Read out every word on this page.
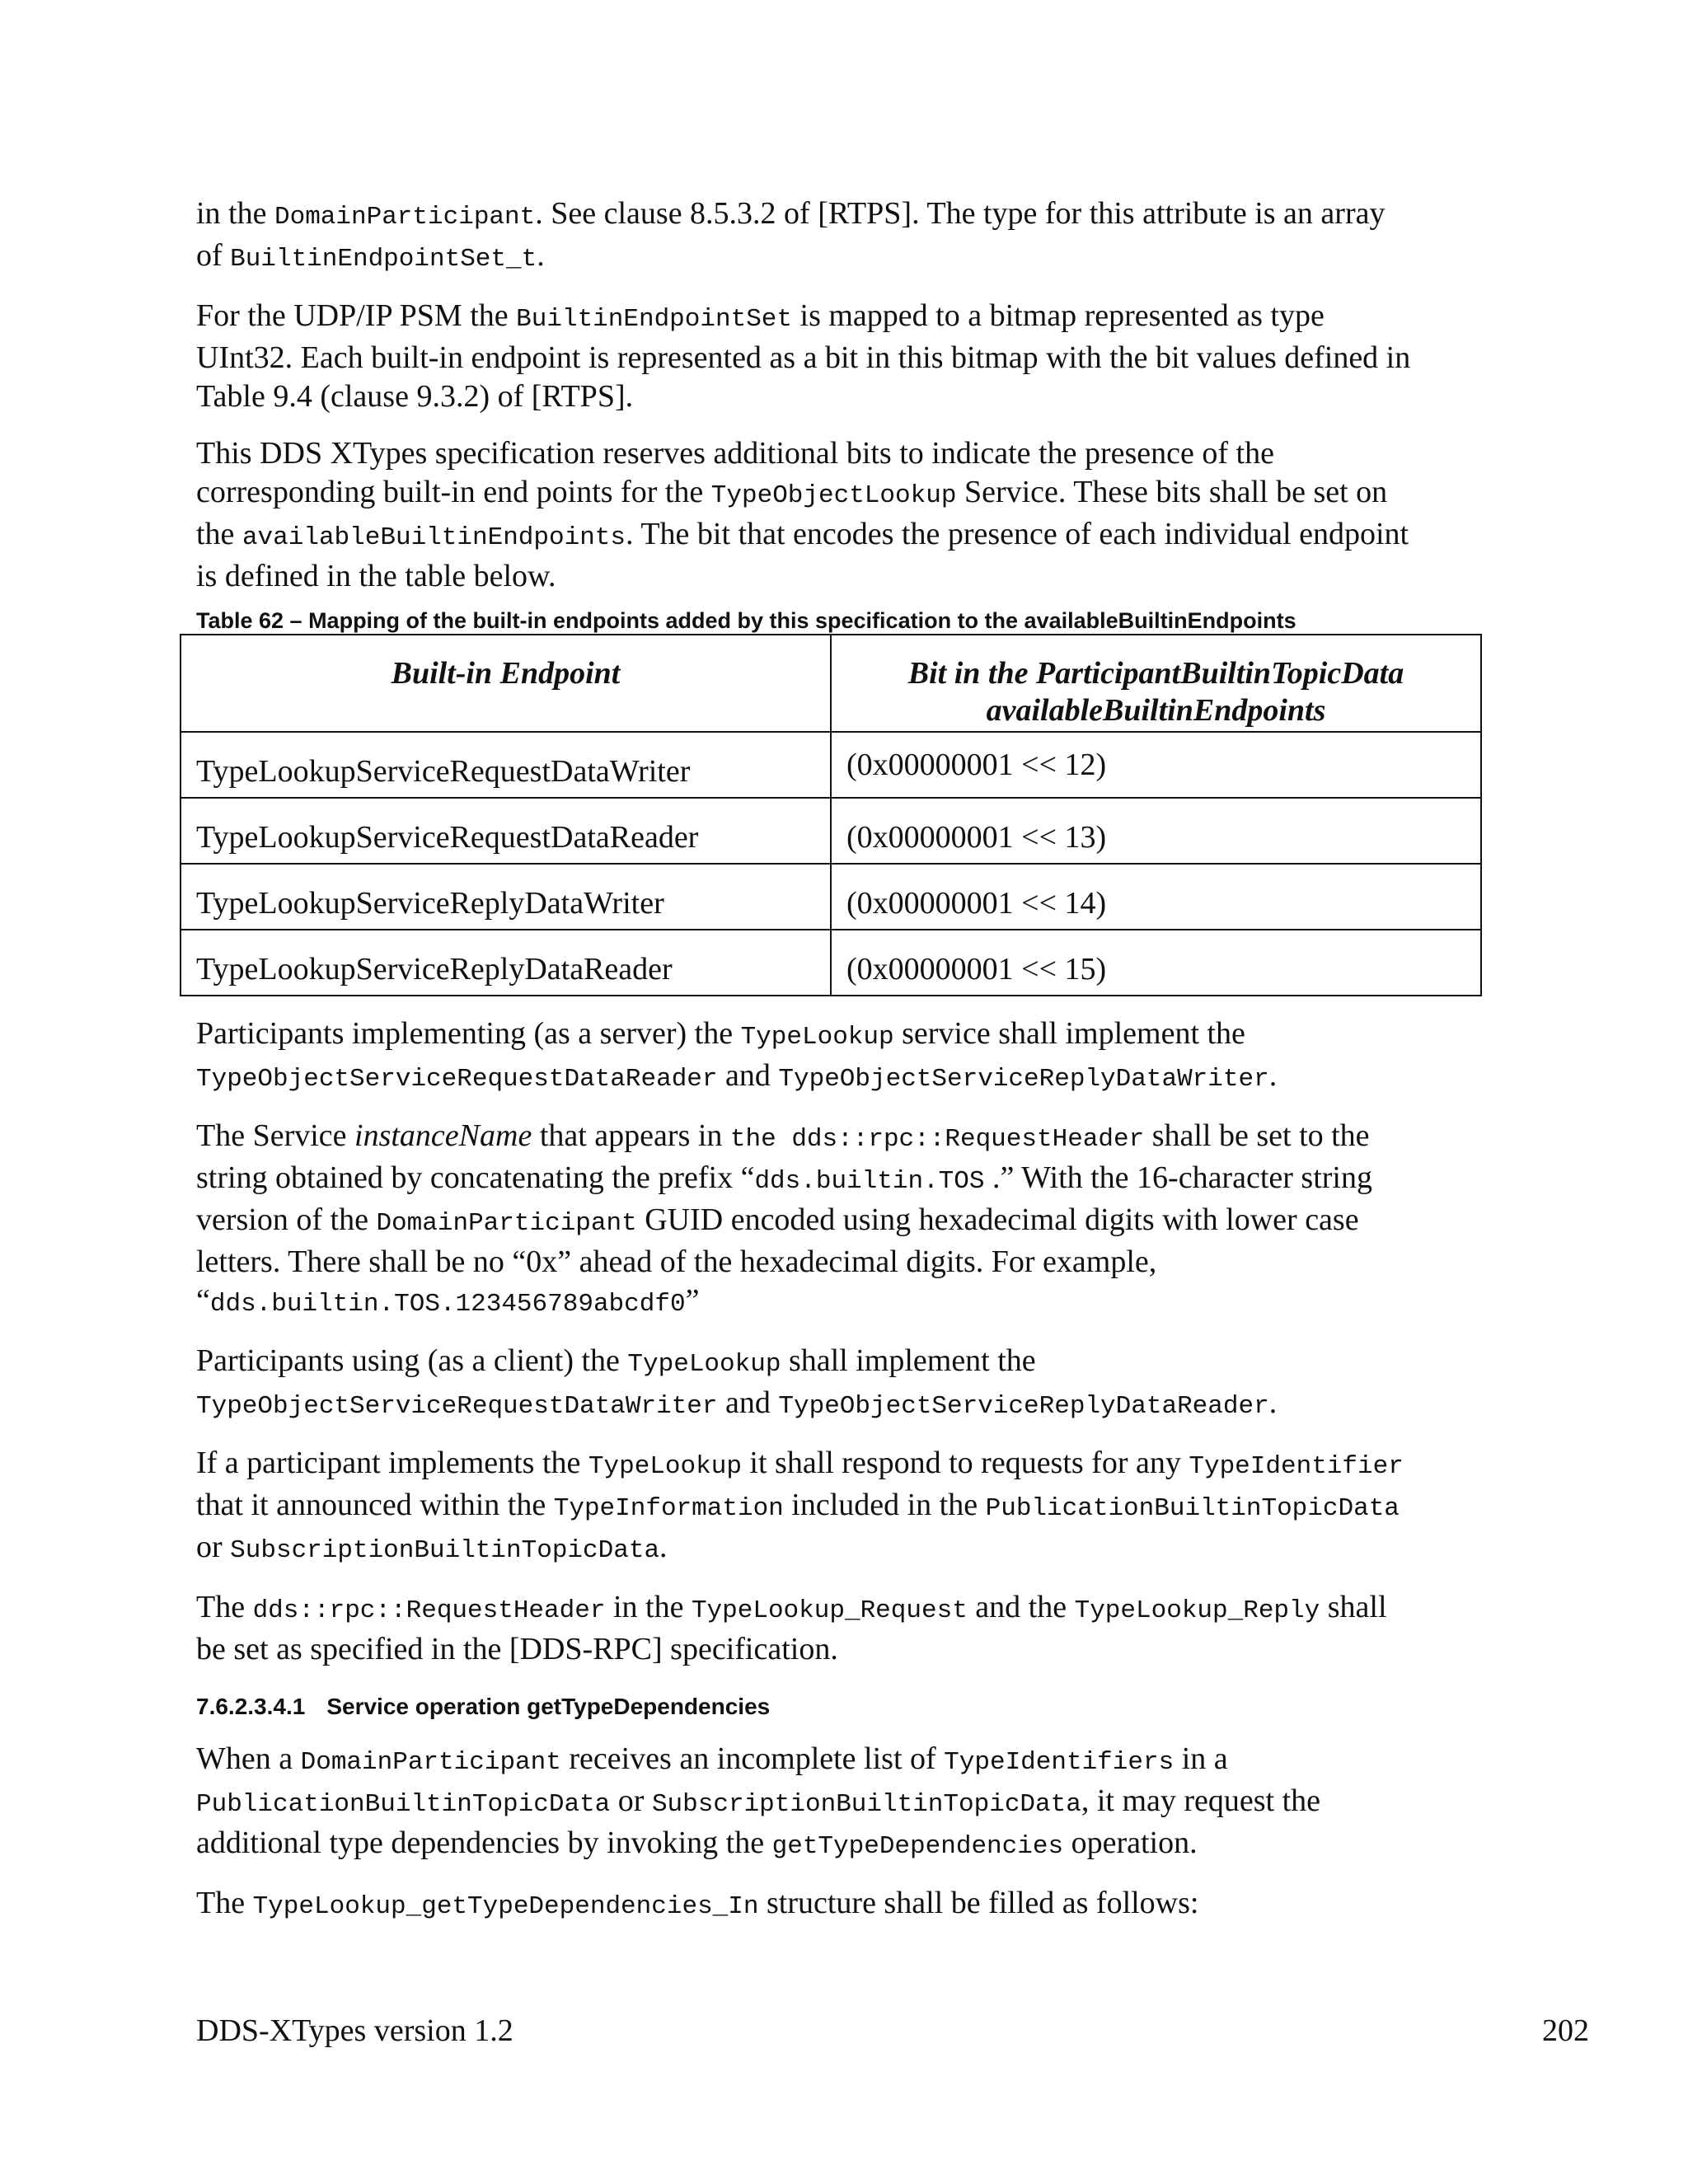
in the DomainParticipant. See clause 8.5.3.2 of [RTPS]. The type for this attribute is an array
of BuiltinEndpointSet_t.

For the UDP/IP PSM the BuiltinEndpointSet is mapped to a bitmap represented as type
UInt32. Each built-in endpoint is represented as a bit in this bitmap with the bit values defined in
Table 9.4 (clause 9.3.2) of [RTPS].

This DDS XTypes specification reserves additional bits to indicate the presence of the
corresponding built-in end points for the TypeObjectLookup Service. These bits shall be set on
the availableBuiltinEndpoints. The bit that encodes the presence of each individual endpoint
is defined in the table below.

Table 62 – Mapping of the built-in endpoints added by this specification to the availableBuiltinEndpoints

Built-in Endpoint	Bit in the ParticipantBuiltinTopicData
availableBuiltinEndpoints
TypeLookupServiceRequestDataWriter	(0x00000001 << 12)
TypeLookupServiceRequestDataReader	(0x00000001 << 13)
TypeLookupServiceReplyDataWriter	(0x00000001 << 14)
TypeLookupServiceReplyDataReader	(0x00000001 << 15)

Participants implementing (as a server) the TypeLookup service shall implement the
TypeObjectServiceRequestDataReader and TypeObjectServiceReplyDataWriter.

The Service instanceName that appears in the dds::rpc::RequestHeader shall be set to the
string obtained by concatenating the prefix “dds.builtin.TOS .” With the 16-character string
version of the DomainParticipant GUID encoded using hexadecimal digits with lower case
letters. There shall be no “0x” ahead of the hexadecimal digits. For example,
“dds.builtin.TOS.123456789abcdf0”

Participants using (as a client) the TypeLookup shall implement the
TypeObjectServiceRequestDataWriter and TypeObjectServiceReplyDataReader.

If a participant implements the TypeLookup it shall respond to requests for any TypeIdentifier
that it announced within the TypeInformation included in the PublicationBuiltinTopicData
or SubscriptionBuiltinTopicData.

The dds::rpc::RequestHeader in the TypeLookup_Request and the TypeLookup_Reply shall
be set as specified in the [DDS-RPC] specification.

7.6.2.3.4.1 Service operation getTypeDependencies

When a DomainParticipant receives an incomplete list of TypeIdentifiers in a
PublicationBuiltinTopicData or SubscriptionBuiltinTopicData, it may request the
additional type dependencies by invoking the getTypeDependencies operation.

The TypeLookup_getTypeDependencies_In structure shall be filled as follows:

DDS-XTypes version 1.2	202
